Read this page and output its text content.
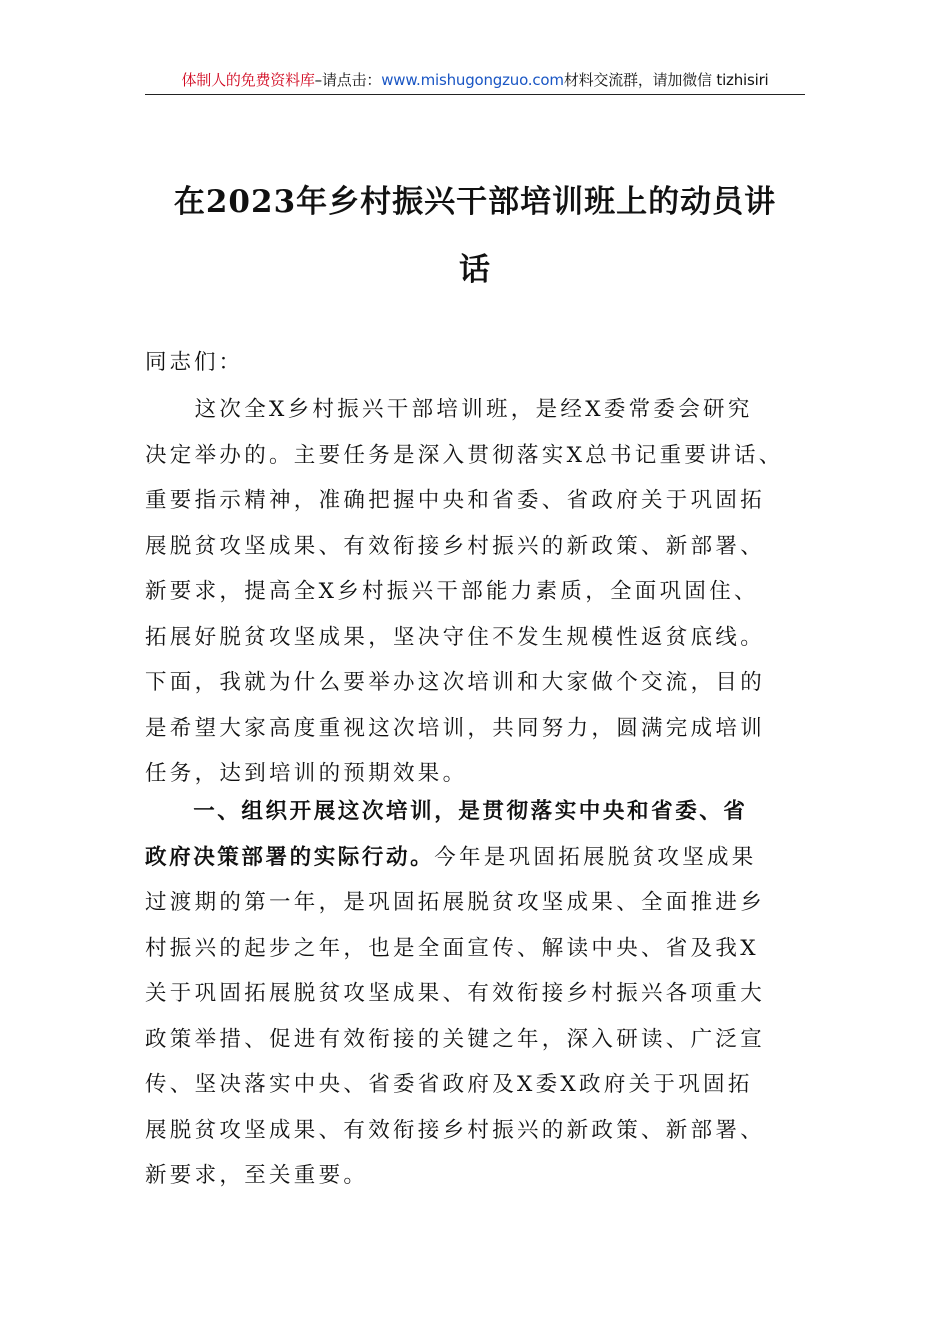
体制人的免费资料库–请点击：www.mishugongzuo.com材料交流群，请加微信 tizhisiri
在2023年乡村振兴干部培训班上的动员讲
话
同志们：
　　这次全X乡村振兴干部培训班，是经X委常委会研究
决定举办的。主要任务是深入贯彻落实X总书记重要讲话、
重要指示精神，准确把握中央和省委、省政府关于巩固拓
展脱贫攻坚成果、有效衔接乡村振兴的新政策、新部署、
新要求，提高全X乡村振兴干部能力素质，全面巩固住、
拓展好脱贫攻坚成果，坚决守住不发生规模性返贫底线。
下面，我就为什么要举办这次培训和大家做个交流，目的
是希望大家高度重视这次培训，共同努力，圆满完成培训
任务，达到培训的预期效果。
　　一、组织开展这次培训，是贯彻落实中央和省委、省
政府决策部署的实际行动。今年是巩固拓展脱贫攻坚成果
过渡期的第一年，是巩固拓展脱贫攻坚成果、全面推进乡
村振兴的起步之年，也是全面宣传、解读中央、省及我X
关于巩固拓展脱贫攻坚成果、有效衔接乡村振兴各项重大
政策举措、促进有效衔接的关键之年，深入研读、广泛宣
传、坚决落实中央、省委省政府及X委X政府关于巩固拓
展脱贫攻坚成果、有效衔接乡村振兴的新政策、新部署、
新要求，至关重要。
